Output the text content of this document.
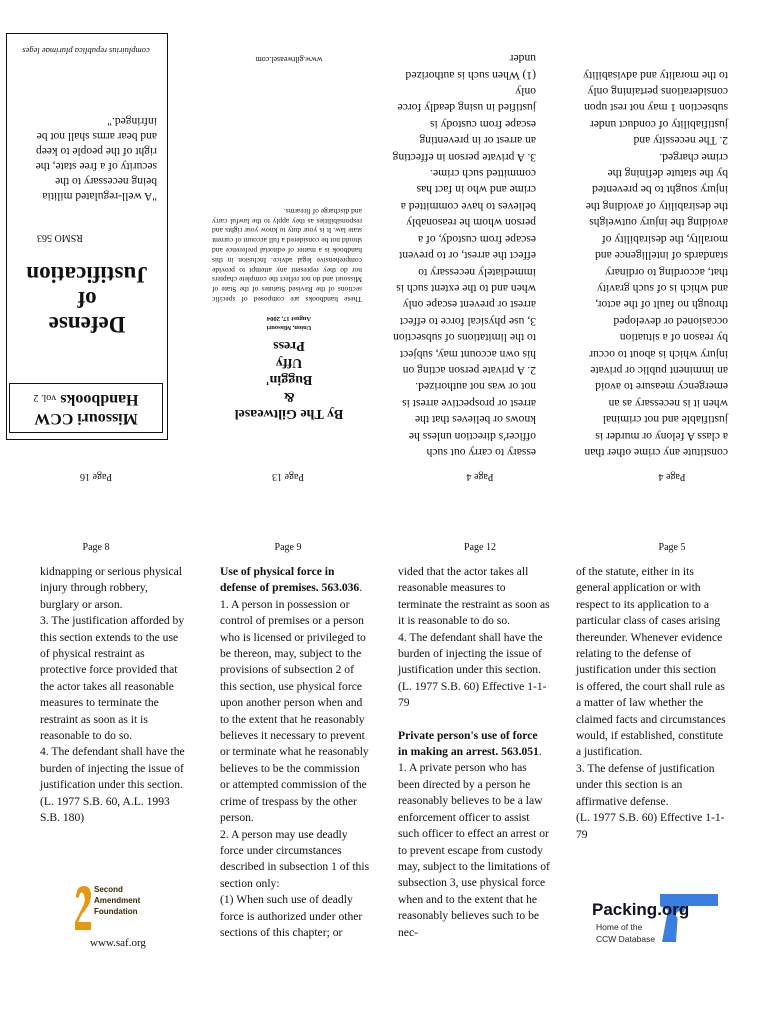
Page 4

constitute any crime other than a class A felony or murder is justifiable and not criminal when it is necessary as an emergency measure to avoid an imminent public or private injury which is about to occur by reason of a situation occasioned or developed through no fault of the actor, and which is of such gravity that, according to ordinary standards of intelligence and morality, the desirability of avoiding the injury outweighs the desirability of avoiding the injury sought to be prevented by the statute defining the crime charged.

2. The necessity and justifiability of conduct under subsection 1 may not rest upon considerations pertaining only to the morality and advisability

Page 4

essary to carry out such officer's direction unless he knows or believes that the arrest or prospective arrest is not or was not authorized.

2. A private person acting on his own account may, subject to the limitations of subsection 3, use physical force to effect arrest or prevent escape only when and to the extent such is immediately necessary to effect the arrest, or to prevent escape from custody, of a person whom he reasonably believes to have committed a crime and who in fact has committed such crime.

3. A private person in effecting an arrest or in preventing escape from custody is justified in using deadly force only

(1) When such is authorized under

Page 13
By The Giltweasel
&
Buggin'
Uffy
Press
Union, Missouri
August 17, 2004
These handbooks are composed of specific sections of the Revised Statutes of the State of Missouri and do not reflect the complete chapters nor do they represent any attempt to provide comprehensive legal advice. Inclusion in this handbook is a matter of editorial preference and should not be considered a full account of current state law. It is your duty to know your rights and responsibilities as they apply to the lawful carry and discharge of firearms.
www.giltweasel.com
Page 16
Missouri CCW
Handbooks vol. 2
Defense
of
Justification
RSMO 563
"A well-regulated militia being necessary to the security of a free state, the right of the people to keep and bear arms shall not be infringed."
compluirius republica plurimae leges
Page 8

kidnapping or serious physical injury through robbery, burglary or arson.

3. The justification afforded by this section extends to the use of physical restraint as protective force provided that the actor takes all reasonable measures to terminate the restraint as soon as it is reasonable to do so.

4. The defendant shall have the burden of injecting the issue of justification under this section.

(L. 1977 S.B. 60, A.L. 1993 S.B. 180)

Second
Amendment
Foundation
www.saf.org
Page 9

Use of physical force in defense of premises. 563.036. 1. A person in possession or control of premises or a person who is licensed or privileged to be thereon, may, subject to the provisions of subsection 2 of this section, use physical force upon another person when and to the extent that he reasonably believes it necessary to prevent or terminate what he reasonably believes to be the commission or attempted commission of the crime of trespass by the other person.

2. A person may use deadly force under circumstances described in subsection 1 of this section only:

(1) When such use of deadly force is authorized under other sections of this chapter; or

Page 12

vided that the actor takes all reasonable measures to terminate the restraint as soon as it is reasonable to do so.

4. The defendant shall have the burden of injecting the issue of justification under this section.

(L. 1977 S.B. 60) Effective 1-1-79

Private person's use of force in making an arrest. 563.051. 1. A private person who has been directed by a person he reasonably believes to be a law enforcement officer to assist such officer to effect an arrest or to prevent escape from custody may, subject to the limitations of subsection 3, use physical force when and to the extent that he reasonably believes such to be nec-

Page 5

of the statute, either in its general application or with respect to its application to a particular class of cases arising thereunder. Whenever evidence relating to the defense of justification under this section is offered, the court shall rule as a matter of law whether the claimed facts and circumstances would, if established, constitute a justification.

3. The defense of justification under this section is an affirmative defense.

(L. 1977 S.B. 60) Effective 1-1-79

Packing.org
Home of the
CCW Database
